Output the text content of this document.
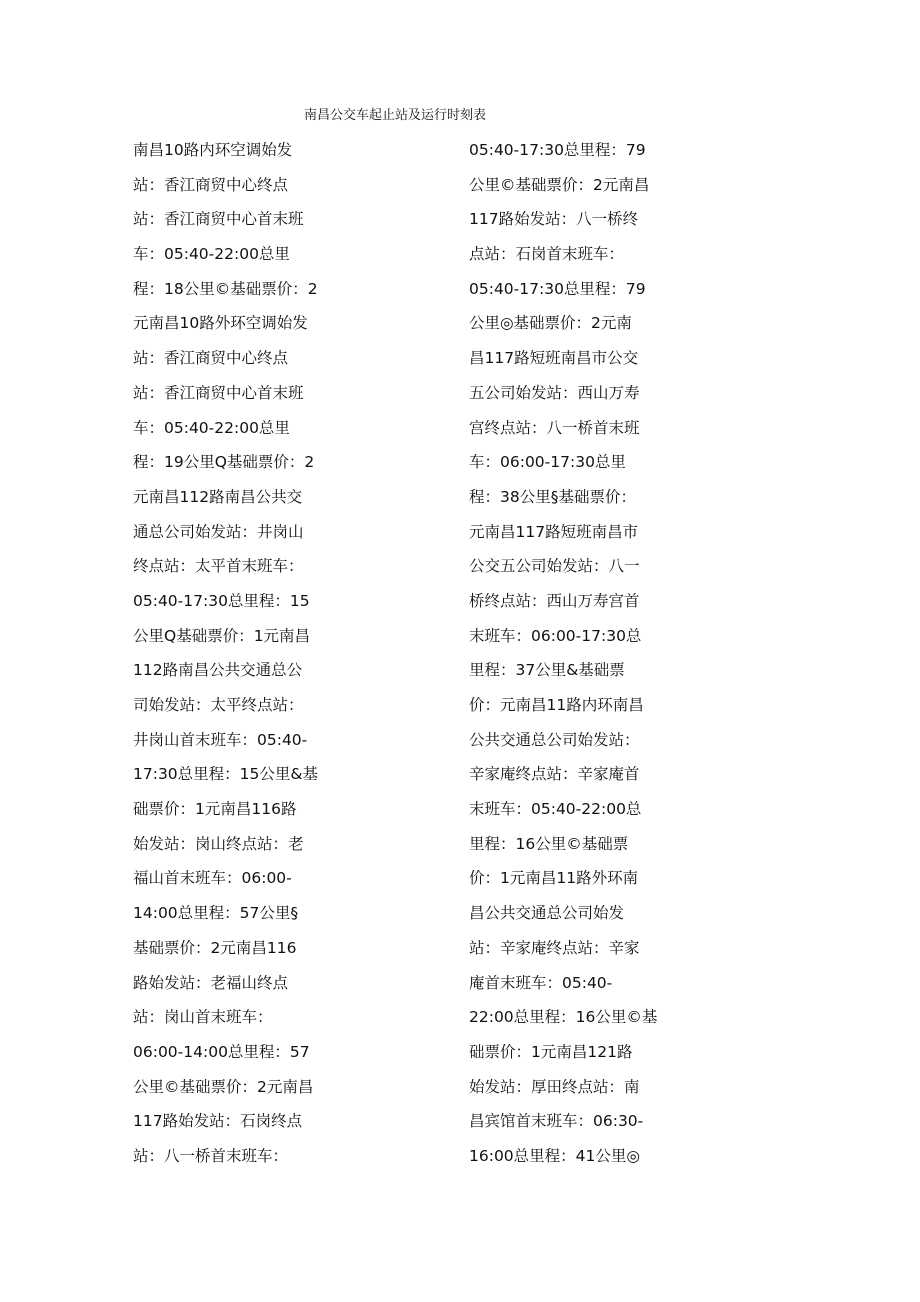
南昌公交车起止站及运行时刻表
南昌10路内环空调始发
站：香江商贸中心终点
站：香江商贸中心首末班
车：05:40-22:00总里
程：18公里©基础票价：2
元南昌10路外环空调始发
站：香江商贸中心终点
站：香江商贸中心首末班
车：05:40-22:00总里
程：19公里Q基础票价：2
元南昌112路南昌公共交
通总公司始发站：井岗山
终点站：太平首末班车：
05:40-17:30总里程：15
公里Q基础票价：1元南昌
112路南昌公共交通总公
司始发站：太平终点站：
井岗山首末班车：05:40-
17:30总里程：15公里&基
础票价：1元南昌116路
始发站：岗山终点站：老
福山首末班车：06:00-
14:00总里程：57公里§
基础票价：2元南昌116
路始发站：老福山终点
站：岗山首末班车：
06:00-14:00总里程：57
公里©基础票价：2元南昌
117路始发站：石岗终点
站：八一桥首末班车：
05:40-17:30总里程：79
公里©基础票价：2元南昌
117路始发站：八一桥终
点站：石岗首末班车：
05:40-17:30总里程：79
公里◎基础票价：2元南
昌117路短班南昌市公交
五公司始发站：西山万寿
宫终点站：八一桥首末班
车：06:00-17:30总里
程：38公里§基础票价：
元南昌117路短班南昌市
公交五公司始发站：八一
桥终点站：西山万寿宫首
末班车：06:00-17:30总
里程：37公里&基础票
价：元南昌11路内环南昌
公共交通总公司始发站：
辛家庵终点站：辛家庵首
末班车：05:40-22:00总
里程：16公里©基础票
价：1元南昌11路外环南
昌公共交通总公司始发
站：辛家庵终点站：辛家
庵首末班车：05:40-
22:00总里程：16公里©基
础票价：1元南昌121路
始发站：厚田终点站：南
昌宾馆首末班车：06:30-
16:00总里程：41公里◎
